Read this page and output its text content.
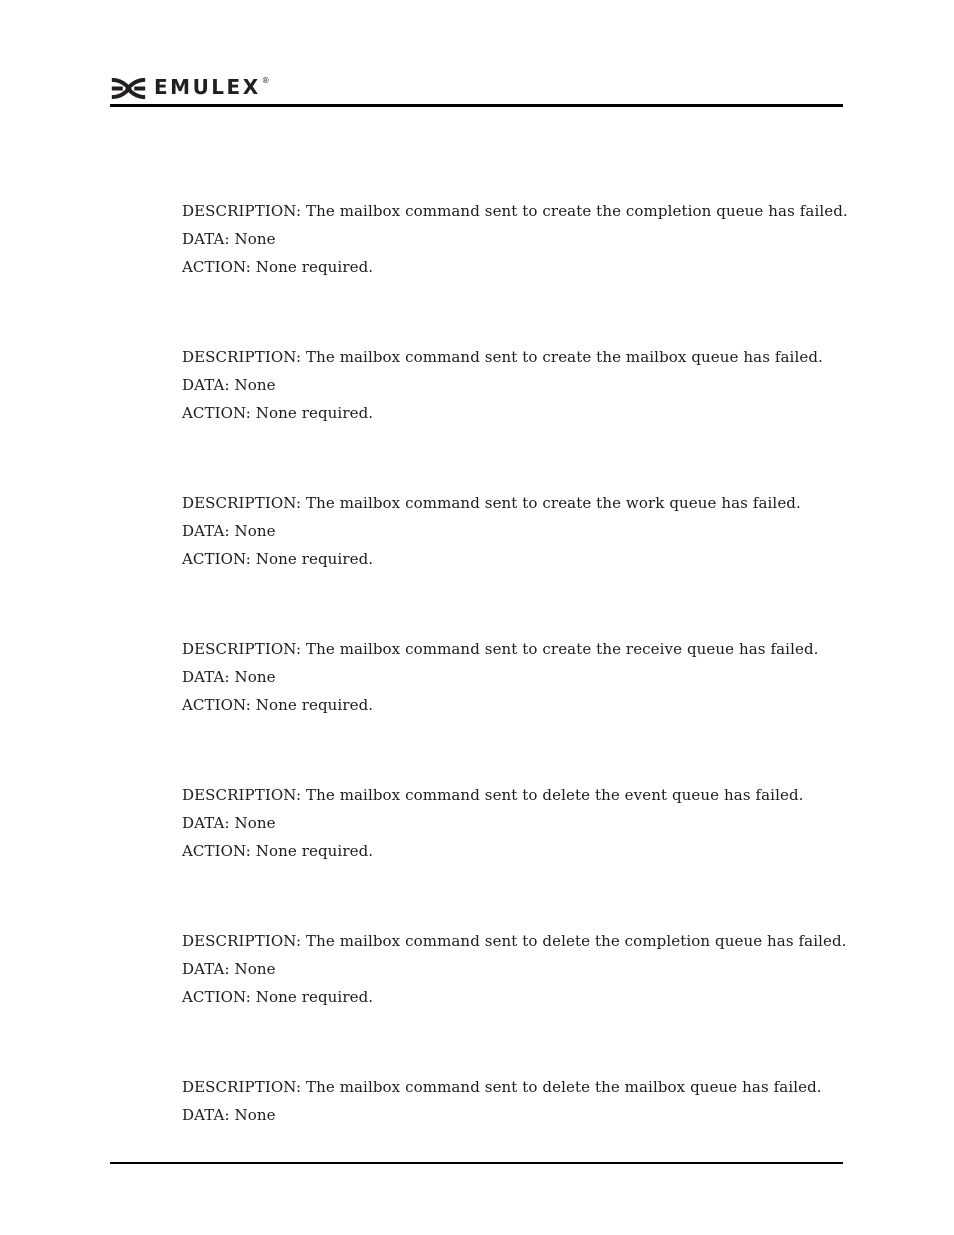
EMULEX ®

DESCRIPTION: The mailbox command sent to create the completion queue has failed.

DATA: None

ACTION: None required.

DESCRIPTION: The mailbox command sent to create the mailbox queue has failed.

DATA: None

ACTION: None required.

DESCRIPTION: The mailbox command sent to create the work queue has failed.

DATA: None

ACTION: None required.

DESCRIPTION: The mailbox command sent to create the receive queue has failed.

DATA: None

ACTION: None required.

DESCRIPTION: The mailbox command sent to delete the event queue has failed.

DATA: None

ACTION: None required.

DESCRIPTION: The mailbox command sent to delete the completion queue has failed.

DATA: None

ACTION: None required.

DESCRIPTION: The mailbox command sent to delete the mailbox queue has failed.

DATA: None
